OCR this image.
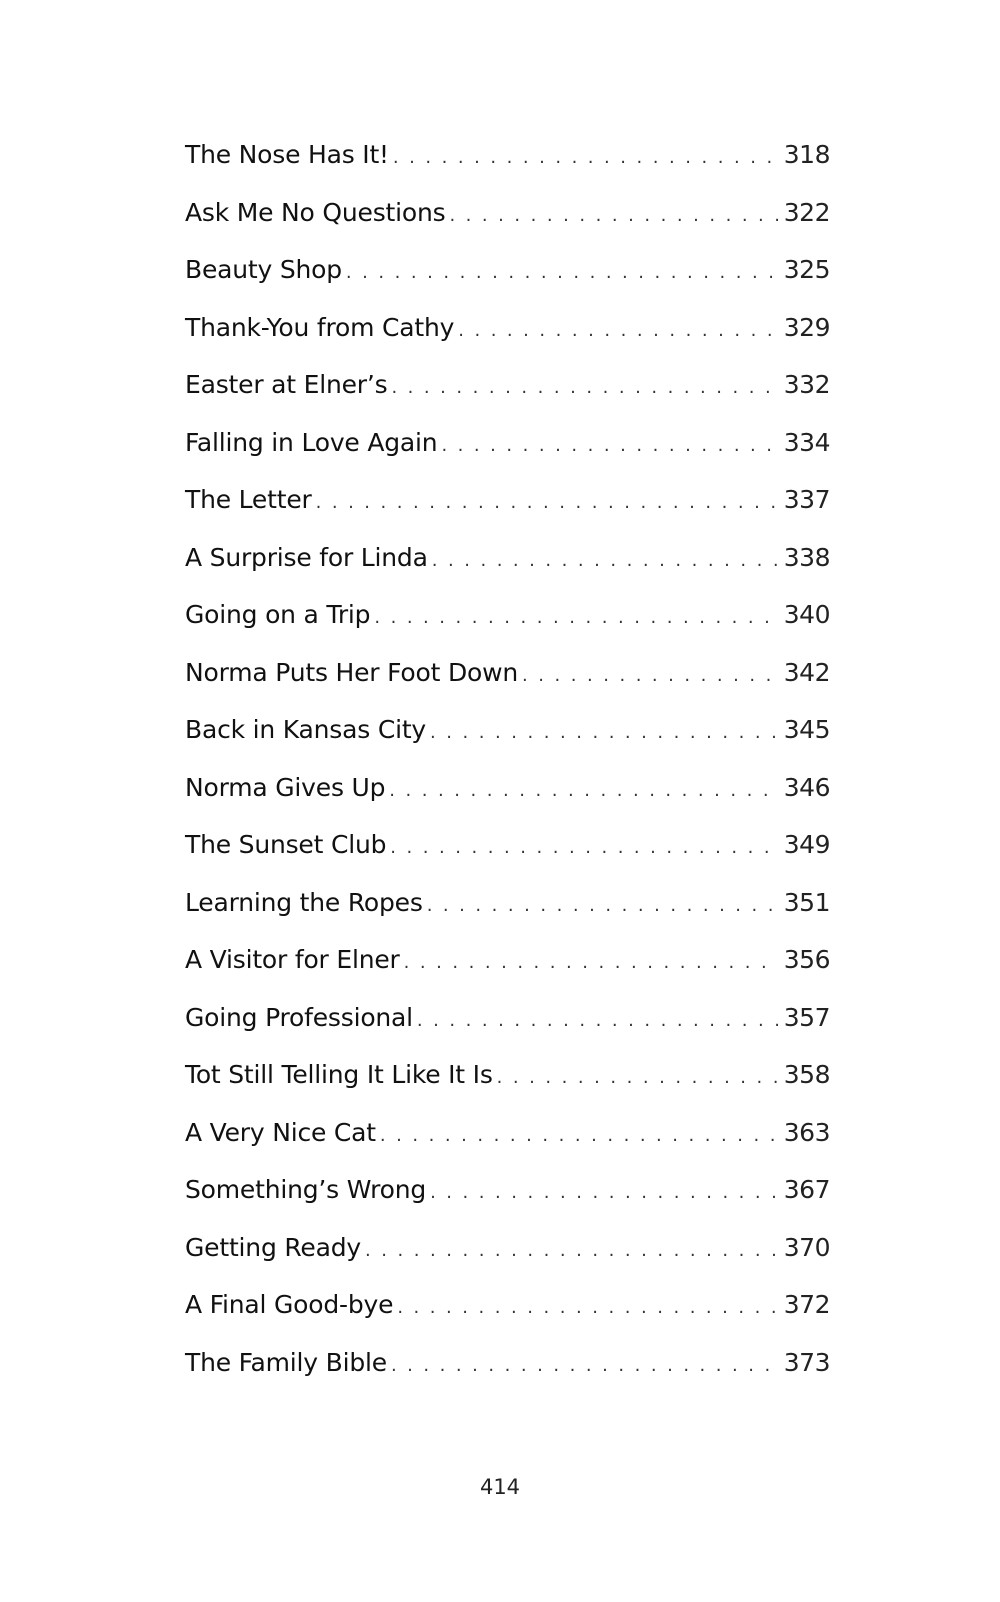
The Nose Has It! . . .	318
Ask Me No Questions . . .	322
Beauty Shop . . .	325
Thank-You from Cathy . . .	329
Easter at Elner’s . . .	332
Falling in Love Again . . .	334
The Letter . . .	337
A Surprise for Linda . . .	338
Going on a Trip . . .	340
Norma Puts Her Foot Down . . .	342
Back in Kansas City . . .	345
Norma Gives Up . . .	346
The Sunset Club . . .	349
Learning the Ropes . . .	351
A Visitor for Elner . . .	356
Going Professional . . .	357
Tot Still Telling It Like It Is . . .	358
A Very Nice Cat . . .	363
Something’s Wrong . . .	367
Getting Ready . . .	370
A Final Good-bye . . .	372
The Family Bible . . .	373
414
